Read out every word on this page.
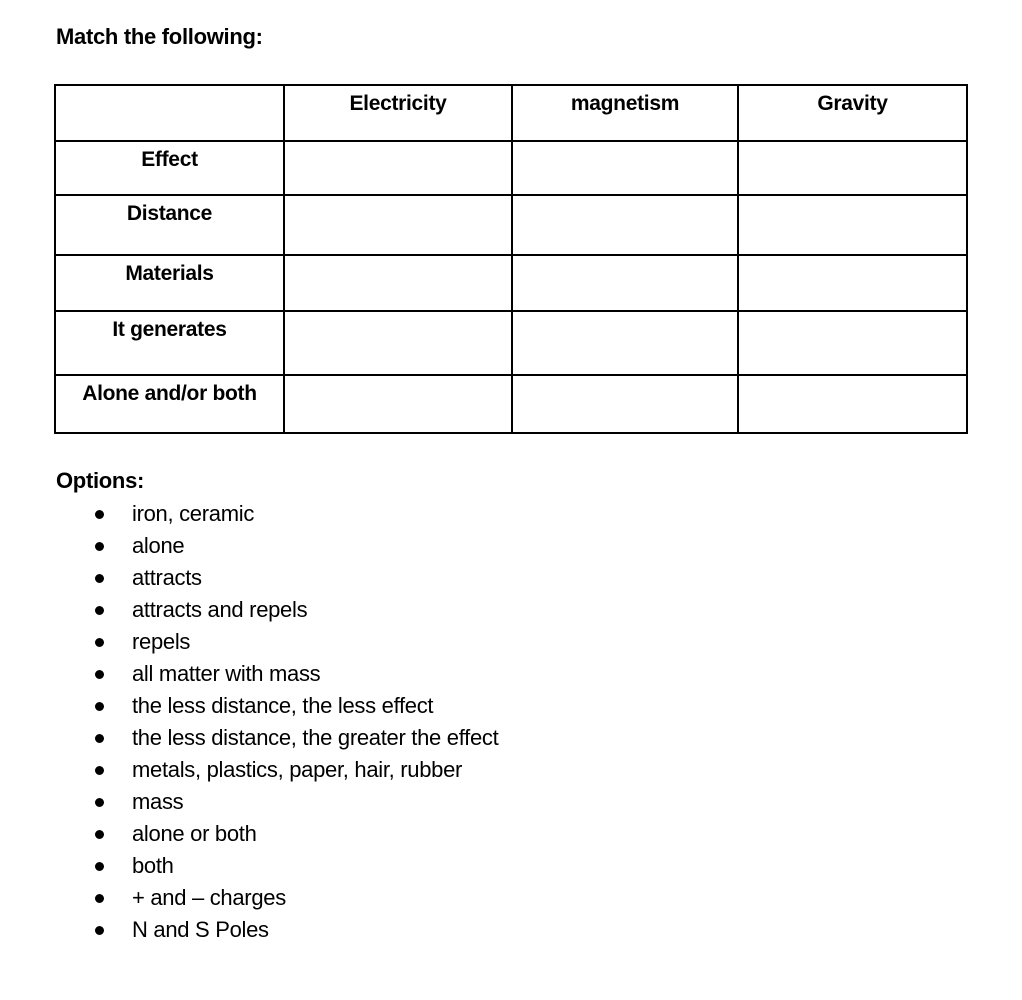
Match the following:
	Electricity	magnetism	Gravity
Effect			
Distance			
Materials			
It generates			
Alone and/or both			
Options:
iron, ceramic
alone
attracts
attracts and repels
repels
all matter with mass
the less distance, the less effect
the less distance, the greater the effect
metals, plastics, paper, hair, rubber
mass
alone or both
both
+ and – charges
N and S Poles
